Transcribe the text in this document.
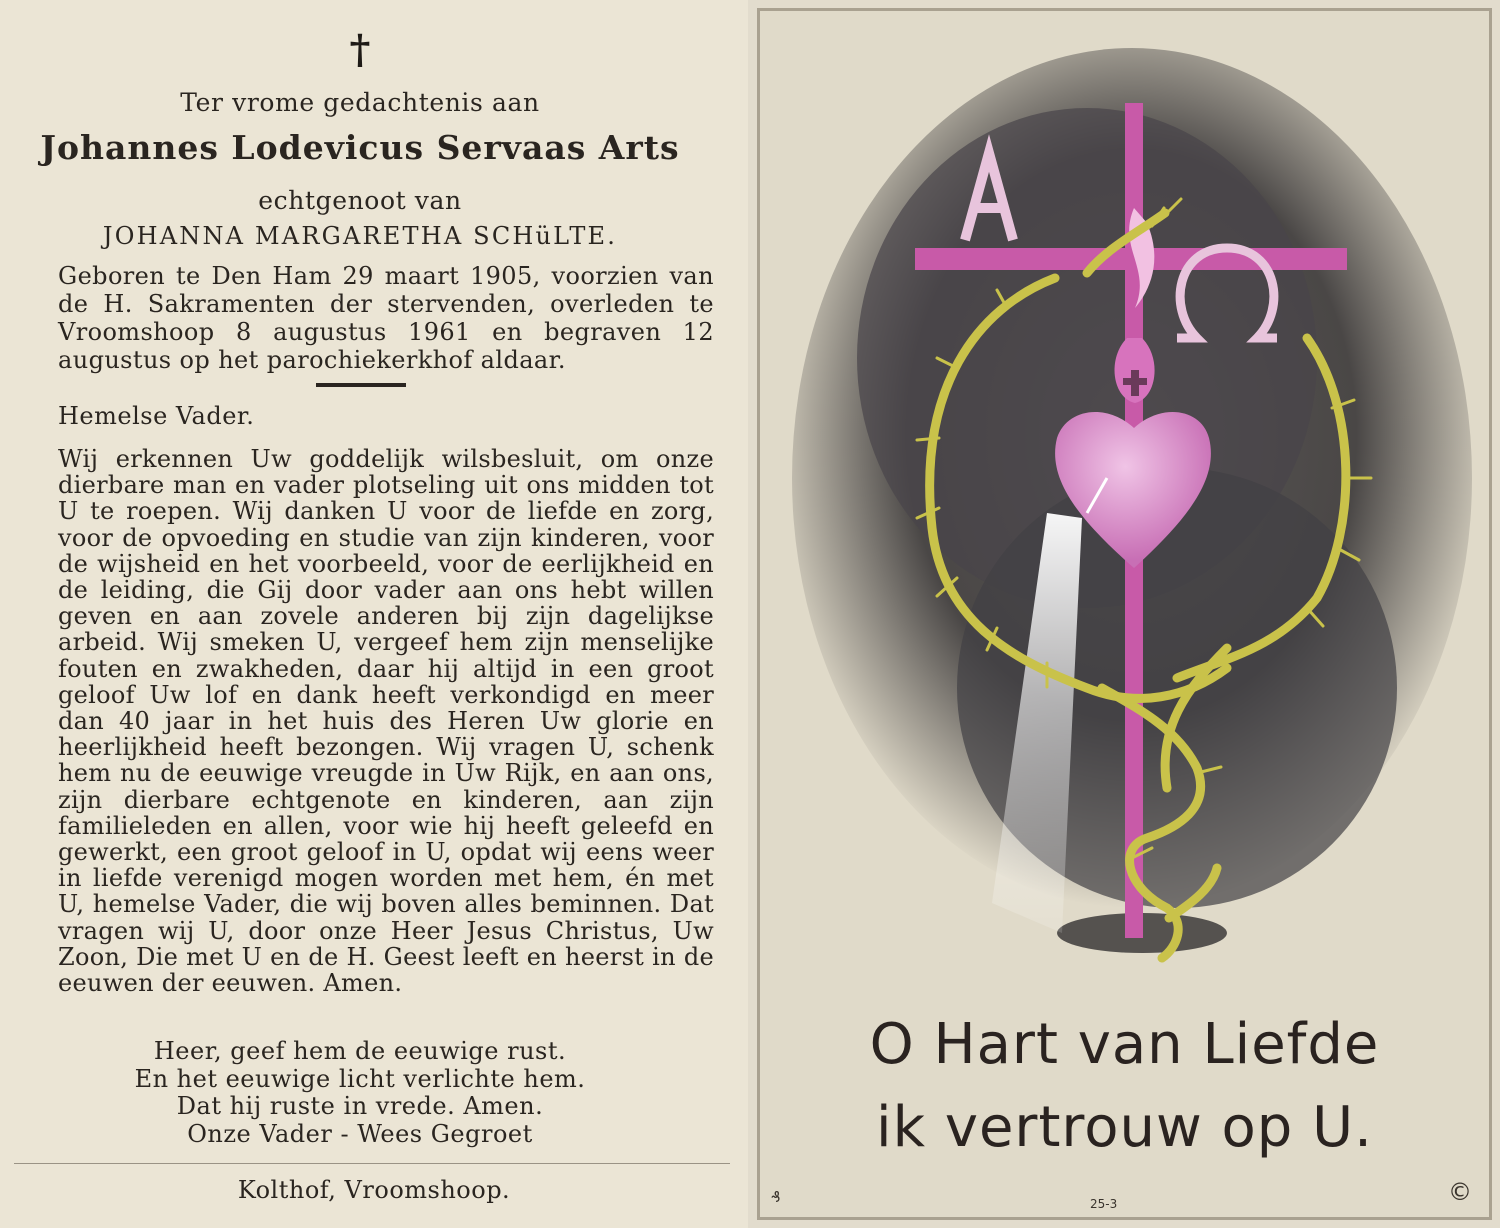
†
Ter vrome gedachtenis aan
Johannes Lodevicus Servaas Arts
echtgenoot van
JOHANNA MARGARETHA SCHüLTE.
Geboren te Den Ham 29 maart 1905, voorzien van de H. Sakramenten der stervenden, overleden te Vroomshoop 8 augustus 1961 en begraven 12 augustus op het parochiekerkhof aldaar.
Hemelse Vader.
Wij erkennen Uw goddelijk wilsbesluit, om onze dierbare man en vader plotseling uit ons midden tot U te roepen. Wij danken U voor de liefde en zorg, voor de opvoeding en studie van zijn kinderen, voor de wijsheid en het voorbeeld, voor de eerlijkheid en de leiding, die Gij door vader aan ons hebt willen geven en aan zovele anderen bij zijn dagelijkse arbeid. Wij smeken U, vergeef hem zijn menselijke fouten en zwakheden, daar hij altijd in een groot geloof Uw lof en dank heeft verkondigd en meer dan 40 jaar in het huis des Heren Uw glorie en heerlijkheid heeft bezongen. Wij vragen U, schenk hem nu de eeuwige vreugde in Uw Rijk, en aan ons, zijn dierbare echtgenote en kinderen, aan zijn familieleden en allen, voor wie hij heeft geleefd en gewerkt, een groot geloof in U, opdat wij eens weer in liefde verenigd mogen worden met hem, én met U, hemelse Vader, die wij boven alles beminnen. Dat vragen wij U, door onze Heer Jesus Christus, Uw Zoon, Die met U en de H. Geest leeft en heerst in de eeuwen der eeuwen. Amen.
Heer, geef hem de eeuwige rust.
En het eeuwige licht verlichte hem.
Dat hij ruste in vrede. Amen.
Onze Vader - Wees Gegroet
Kolthof, Vroomshoop.
O Hart van Liefde
ik vertrouw op U.
25-3
₰	©
